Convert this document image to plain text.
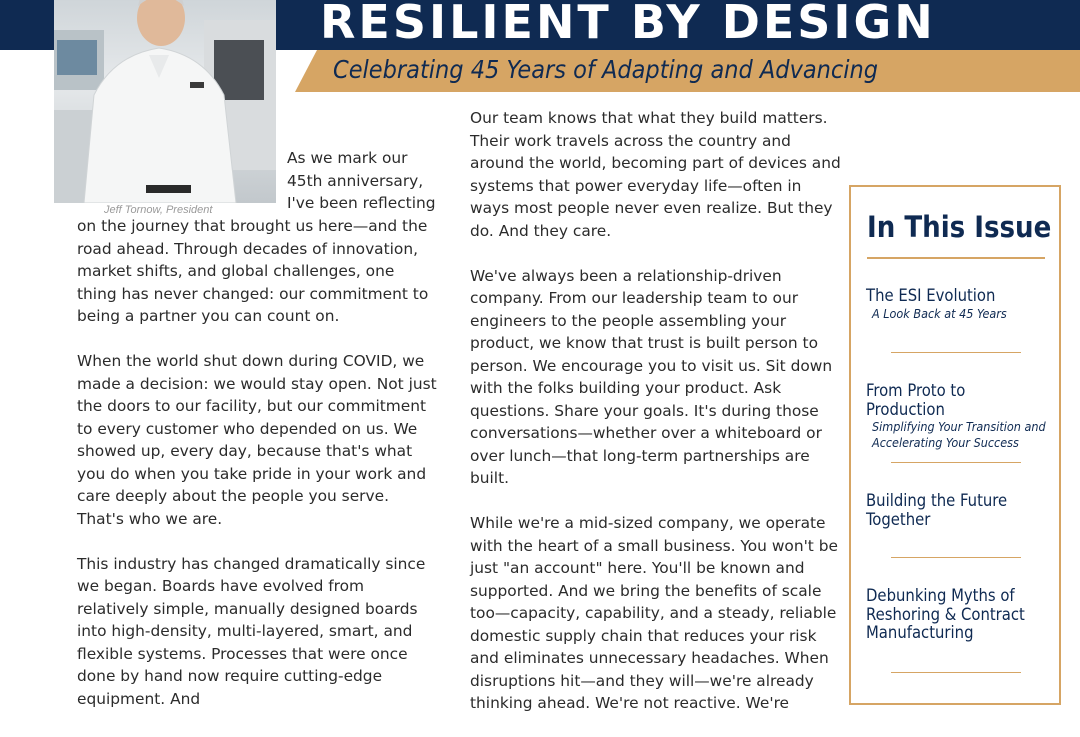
RESILIENT BY DESIGN

Celebrating 45 Years of Adapting and Advancing

Jeff Tornow, President
As we mark our 45th anniversary, I've been reflecting

on the journey that brought us here—and the road ahead. Through decades of innovation, market shifts, and global challenges, one thing has never changed: our commitment to being a partner you can count on.

When the world shut down during COVID, we made a decision: we would stay open. Not just the doors to our facility, but our commitment to every customer who depended on us. We showed up, every day, because that's what you do when you take pride in your work and care deeply about the people you serve. That's who we are.

This industry has changed dramatically since we began. Boards have evolved from relatively simple, manually designed boards into high-density, multi-layered, smart, and flexible systems. Processes that were once done by hand now require cutting-edge equipment. And

Our team knows that what they build matters. Their work travels across the country and around the world, becoming part of devices and systems that power everyday life—often in ways most people never even realize. But they do. And they care.

We've always been a relationship-driven company. From our leadership team to our engineers to the people assembling your product, we know that trust is built person to person. We encourage you to visit us. Sit down with the folks building your product. Ask questions. Share your goals. It's during those conversations—whether over a whiteboard or over lunch—that long-term partnerships are built.

While we're a mid-sized company, we operate with the heart of a small business. You won't be just "an account" here. You'll be known and supported. And we bring the benefits of scale too—capacity, capability, and a steady, reliable domestic supply chain that reduces your risk and eliminates unnecessary headaches. When disruptions hit—and they will—we're already thinking ahead. We're not reactive. We're

In This Issue
The ESI Evolution
A Look Back at 45 Years
From Proto to Production
Simplifying Your Transition and Accelerating Your Success
Building the Future Together
Debunking Myths of Reshoring & Contract Manufacturing
